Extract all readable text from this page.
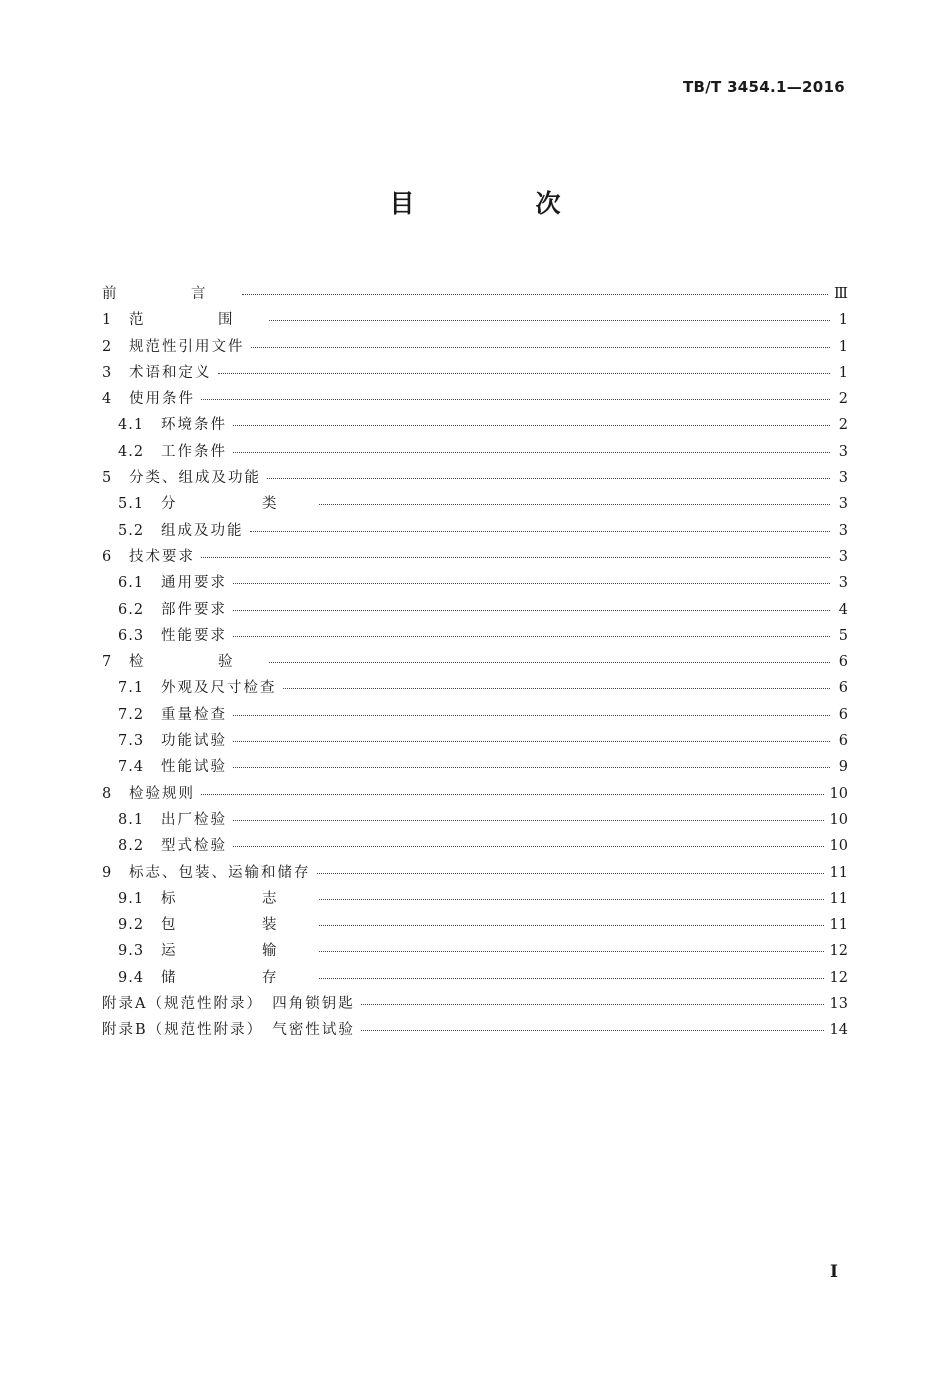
TB/T 3454.1—2016
目　次
前　言	Ⅲ
1	范　围	1
2	规范性引用文件	1
3	术语和定义	1
4	使用条件	2
4.1	环境条件	2
4.2	工作条件	3
5	分类、组成及功能	3
5.1	分　类	3
5.2	组成及功能	3
6	技术要求	3
6.1	通用要求	3
6.2	部件要求	4
6.3	性能要求	5
7	检　验	6
7.1	外观及尺寸检查	6
7.2	重量检查	6
7.3	功能试验	6
7.4	性能试验	9
8	检验规则	10
8.1	出厂检验	10
8.2	型式检验	10
9	标志、包装、运输和储存	11
9.1	标　志	11
9.2	包　装	11
9.3	运　输	12
9.4	储　存	12
附录A（规范性附录）　四角锁钥匙	13
附录B（规范性附录）　气密性试验	14
I
